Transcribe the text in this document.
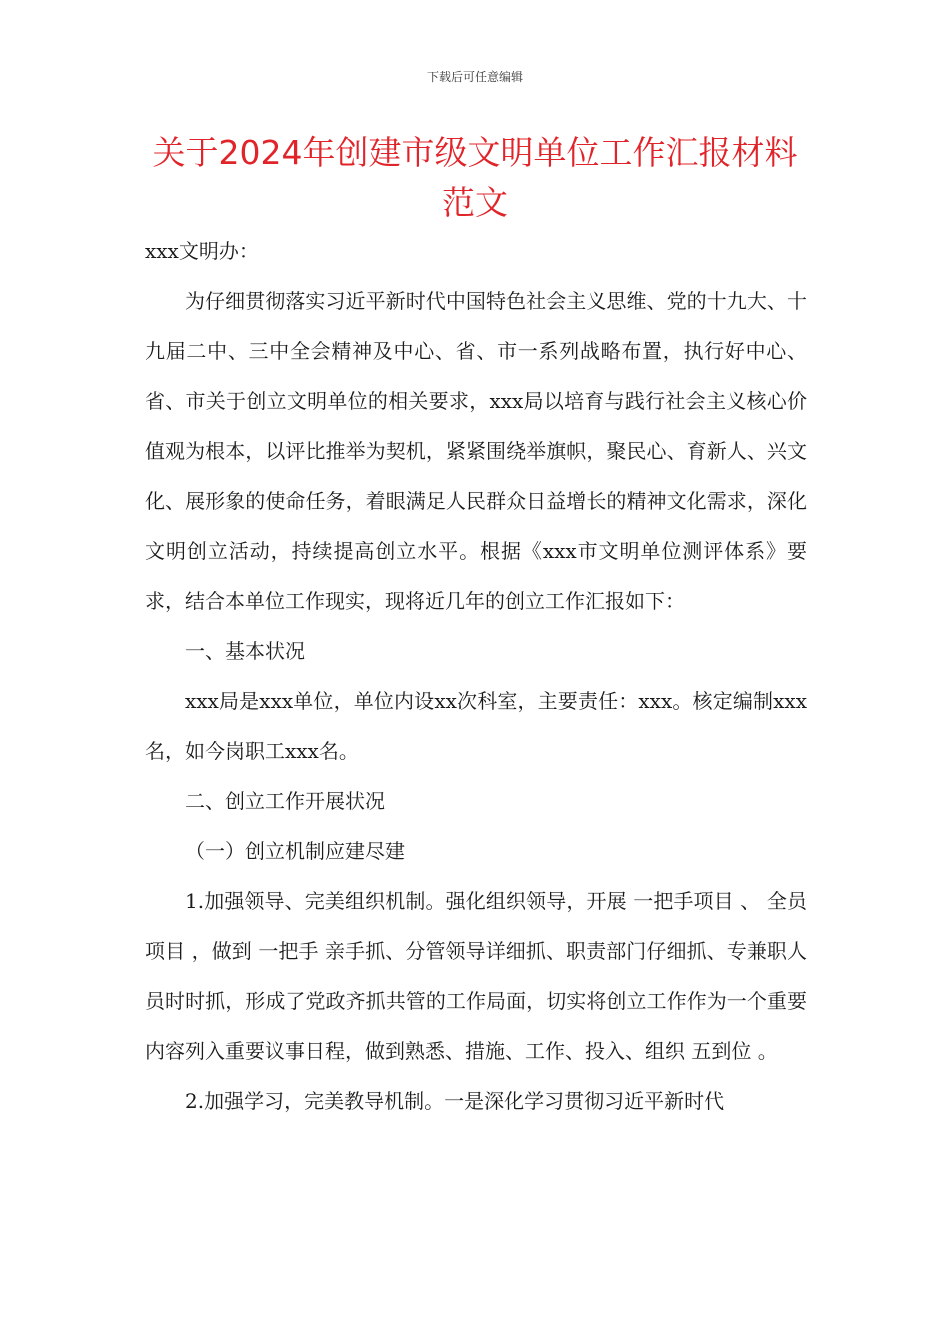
下载后可任意编辑
关于2024年创建市级文明单位工作汇报材料范文

xxx文明办：

为仔细贯彻落实习近平新时代中国特色社会主义思维、党的十九大、十九届二中、三中全会精神及中心、省、市一系列战略布置，执行好中心、省、市关于创立文明单位的相关要求，xxx局以培育与践行社会主义核心价值观为根本，以评比推举为契机，紧紧围绕举旗帜，聚民心、育新人、兴文化、展形象的使命任务，着眼满足人民群众日益增长的精神文化需求，深化文明创立活动，持续提高创立水平。根据《xxx市文明单位测评体系》要求，结合本单位工作现实，现将近几年的创立工作汇报如下：

一、基本状况

xxx局是xxx单位，单位内设xx次科室，主要责任：xxx。核定编制xxx名，如今岗职工xxx名。

二、创立工作开展状况

（一）创立机制应建尽建

1.加强领导、完美组织机制。强化组织领导，开展 一把手项目 、 全员项目 ，做到 一把手 亲手抓、分管领导详细抓、职责部门仔细抓、专兼职人员时时抓，形成了党政齐抓共管的工作局面，切实将创立工作作为一个重要内容列入重要议事日程，做到熟悉、措施、工作、投入、组织 五到位 。

2.加强学习，完美教导机制。一是深化学习贯彻习近平新时代
